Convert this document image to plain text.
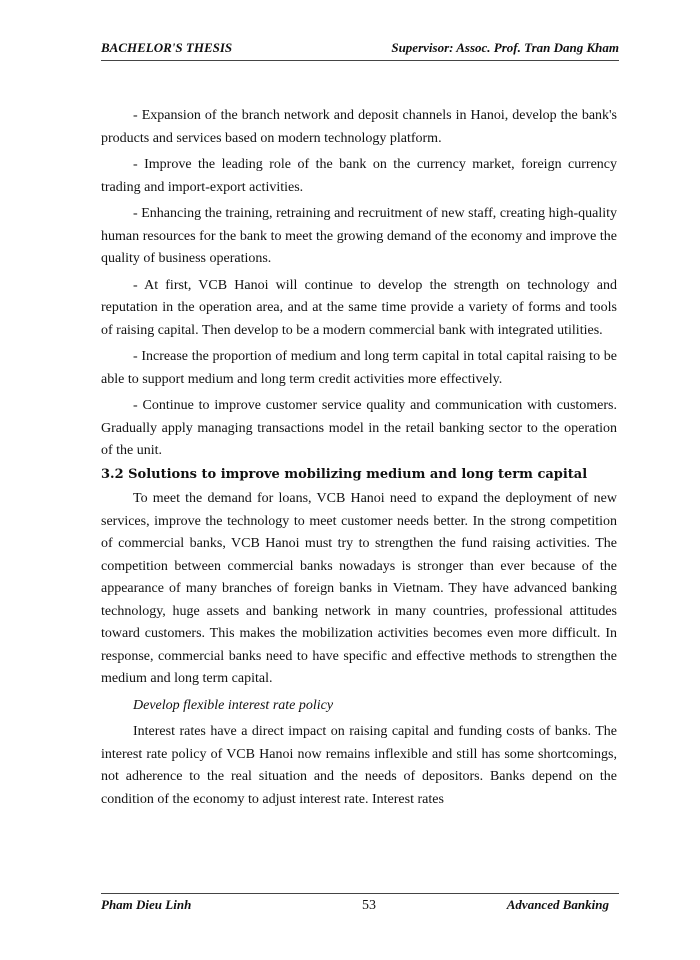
BACHELOR'S THESIS	Supervisor: Assoc. Prof. Tran Dang Kham

- Expansion of the branch network and deposit channels in Hanoi, develop the bank's products and services based on modern technology platform.

- Improve the leading role of the bank on the currency market, foreign currency trading and import-export activities.

- Enhancing the training, retraining and recruitment of new staff, creating high-quality human resources for the bank to meet the growing demand of the economy and improve the quality of business operations.

- At first, VCB Hanoi will continue to develop the strength on technology and reputation in the operation area, and at the same time provide a variety of forms and tools of raising capital. Then develop to be a modern commercial bank with integrated utilities.

- Increase the proportion of medium and long term capital in total capital raising to be able to support medium and long term credit activities more effectively.

- Continue to improve customer service quality and communication with customers. Gradually apply managing transactions model in the retail banking sector to the operation of the unit.

3.2 Solutions to improve mobilizing medium and long term capital

To meet the demand for loans, VCB Hanoi need to expand the deployment of new services, improve the technology to meet customer needs better. In the strong competition of commercial banks, VCB Hanoi must try to strengthen the fund raising activities. The competition between commercial banks nowadays is stronger than ever because of the appearance of many branches of foreign banks in Vietnam. They have advanced banking technology, huge assets and banking network in many countries, professional attitudes toward customers. This makes the mobilization activities becomes even more difficult. In response, commercial banks need to have specific and effective methods to strengthen the medium and long term capital.

Develop flexible interest rate policy

Interest rates have a direct impact on raising capital and funding costs of banks. The interest rate policy of VCB Hanoi now remains inflexible and still has some shortcomings, not adherence to the real situation and the needs of depositors. Banks depend on the condition of the economy to adjust interest rate. Interest rates

Pham Dieu Linh	53	Advanced Banking
